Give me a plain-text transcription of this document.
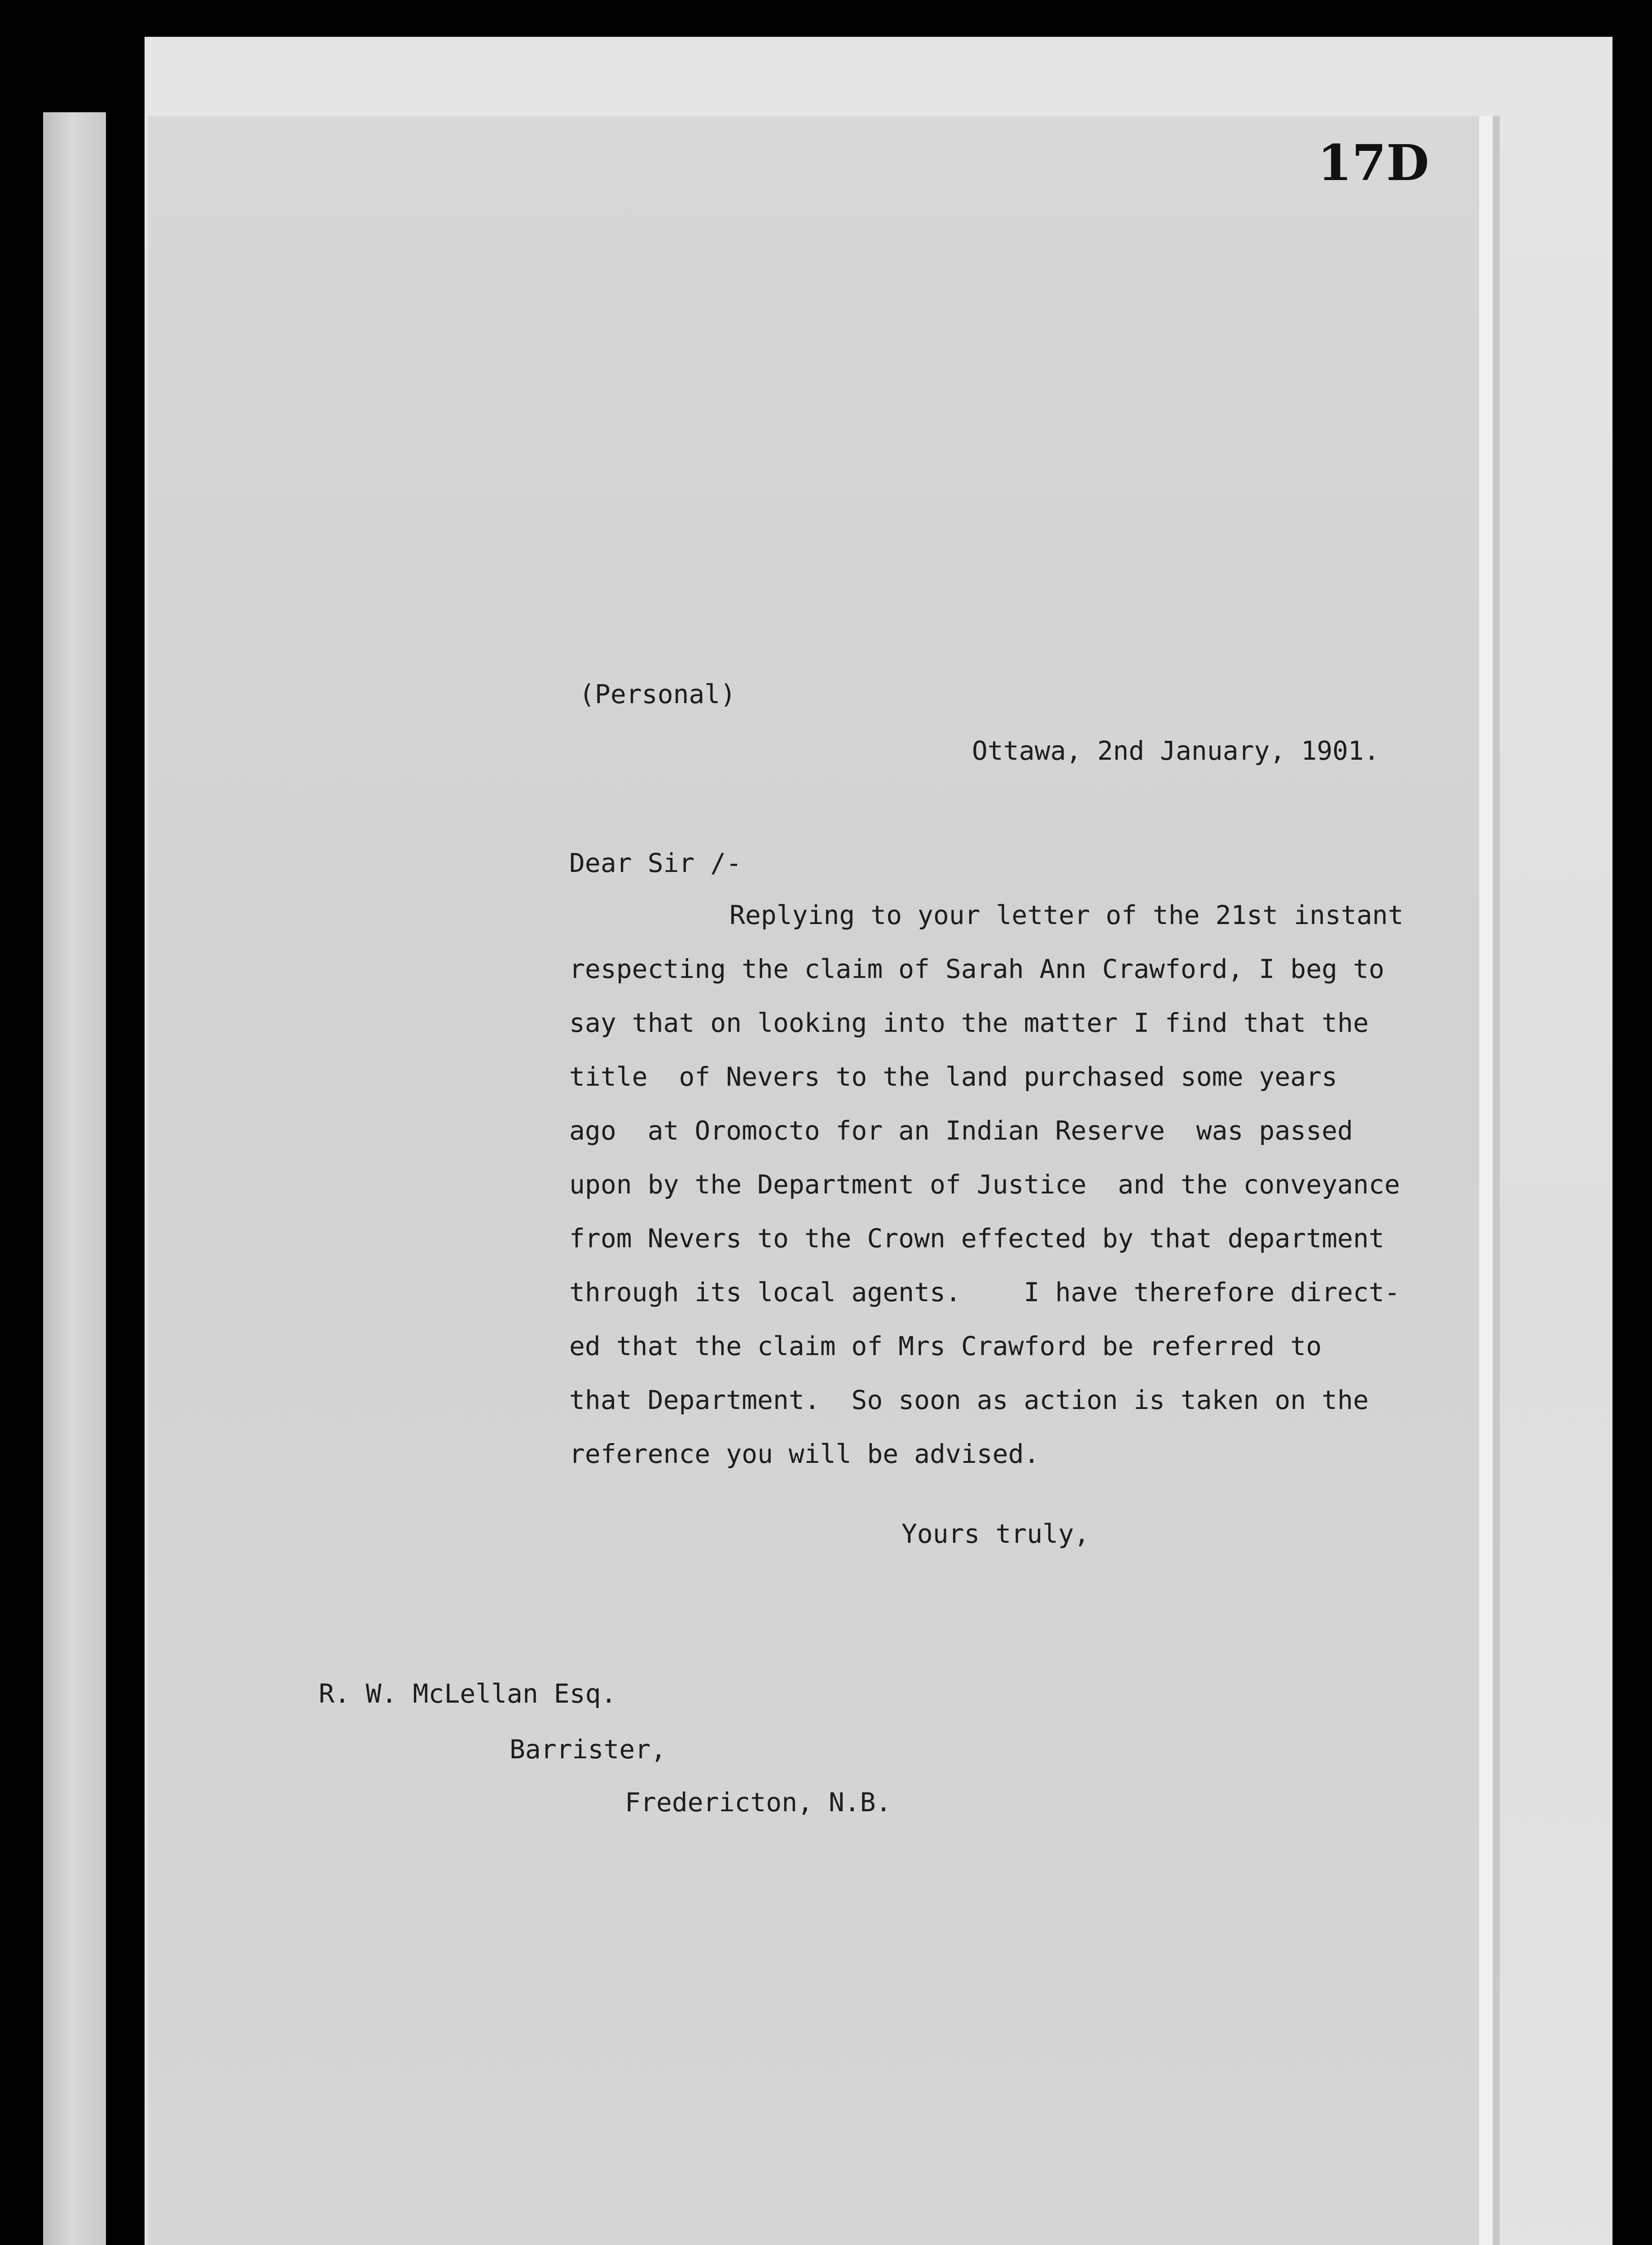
17D
(Personal)
Ottawa, 2nd January, 1901.
Dear Sir /-
Replying to your letter of the 21st instant
respecting the claim of Sarah Ann Crawford, I beg to
say that on looking into the matter I find that the
title  of Nevers to the land purchased some years
ago  at Oromocto for an Indian Reserve  was passed
upon by the Department of Justice  and the conveyance
from Nevers to the Crown effected by that department
through its local agents.    I have therefore direct-
ed that the claim of Mrs Crawford be referred to
that Department.  So soon as action is taken on the
reference you will be advised.
Yours truly,
R. W. McLellan Esq.
Barrister,
Fredericton, N.B.
